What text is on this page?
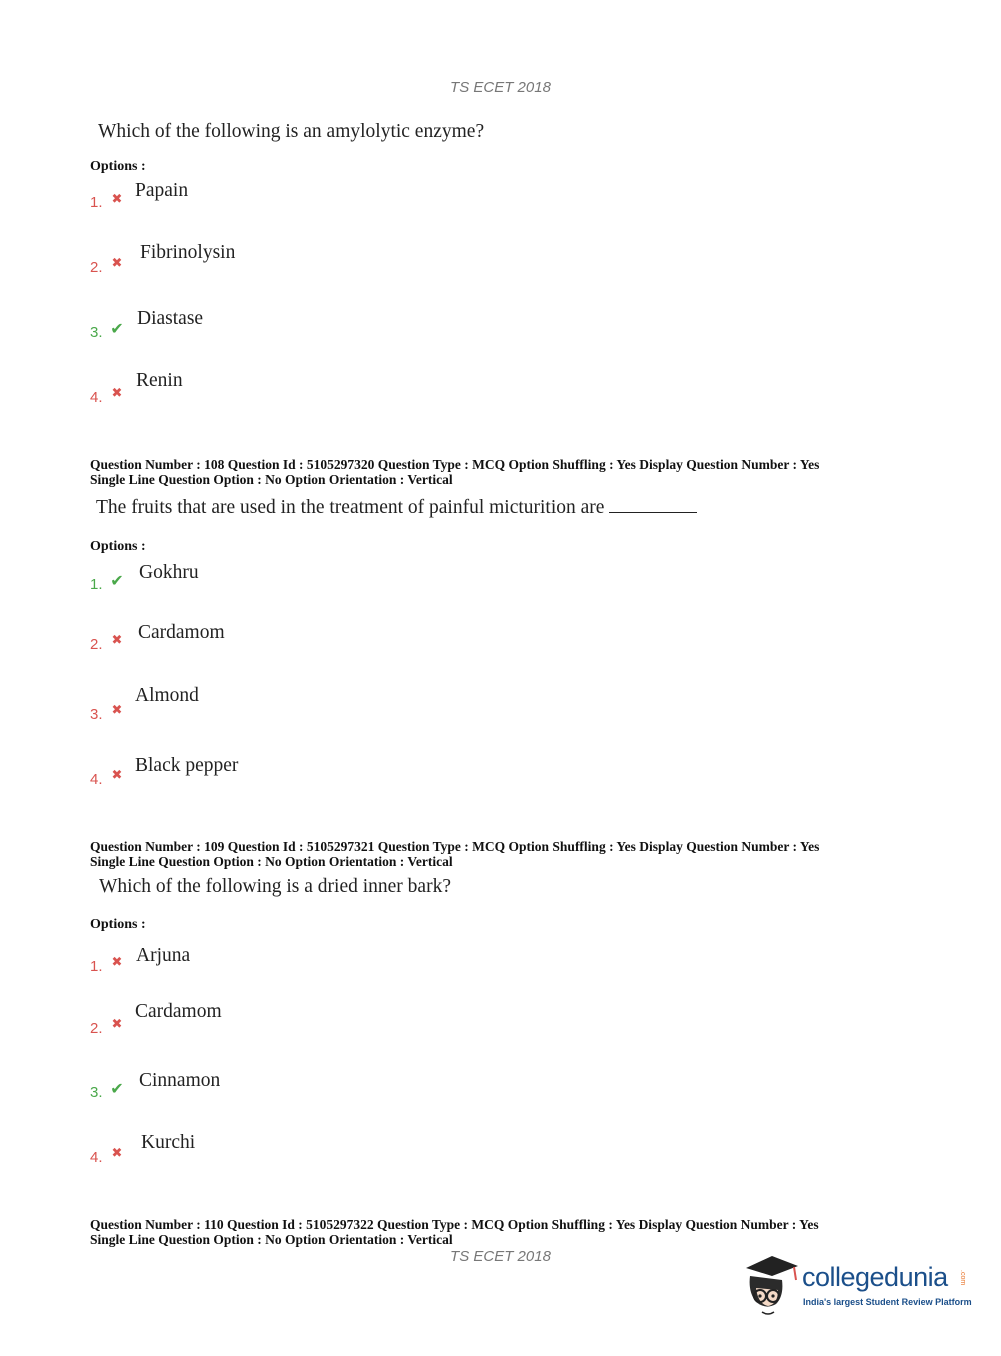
TS ECET 2018
Which of the following is an amylolytic enzyme?
Options :
1. ✖ Papain
2. ✖
Fibrinolysin
3. ✔ Diastase
4. ✖
Renin
Question Number : 108 Question Id : 5105297320 Question Type : MCQ Option Shuffling : Yes Display Question Number : Yes
Single Line Question Option : No Option Orientation : Vertical
The fruits that are used in the treatment of painful micturition are
Options :
1. ✔ Gokhru
2. ✖ Cardamom
3. ✖
Almond
4. ✖ Black pepper
Question Number : 109 Question Id : 5105297321 Question Type : MCQ Option Shuffling : Yes Display Question Number : Yes
Single Line Question Option : No Option Orientation : Vertical
Which of the following is a dried inner bark?
Options :
1. ✖ Arjuna
2. ✖
Cardamom
3. ✔ Cinnamon
4. ✖
Kurchi
Question Number : 110 Question Id : 5105297322 Question Type : MCQ Option Shuffling : Yes Display Question Number : Yes
Single Line Question Option : No Option Orientation : Vertical
TS ECET 2018
collegedunia .com
India's largest Student Review Platform
